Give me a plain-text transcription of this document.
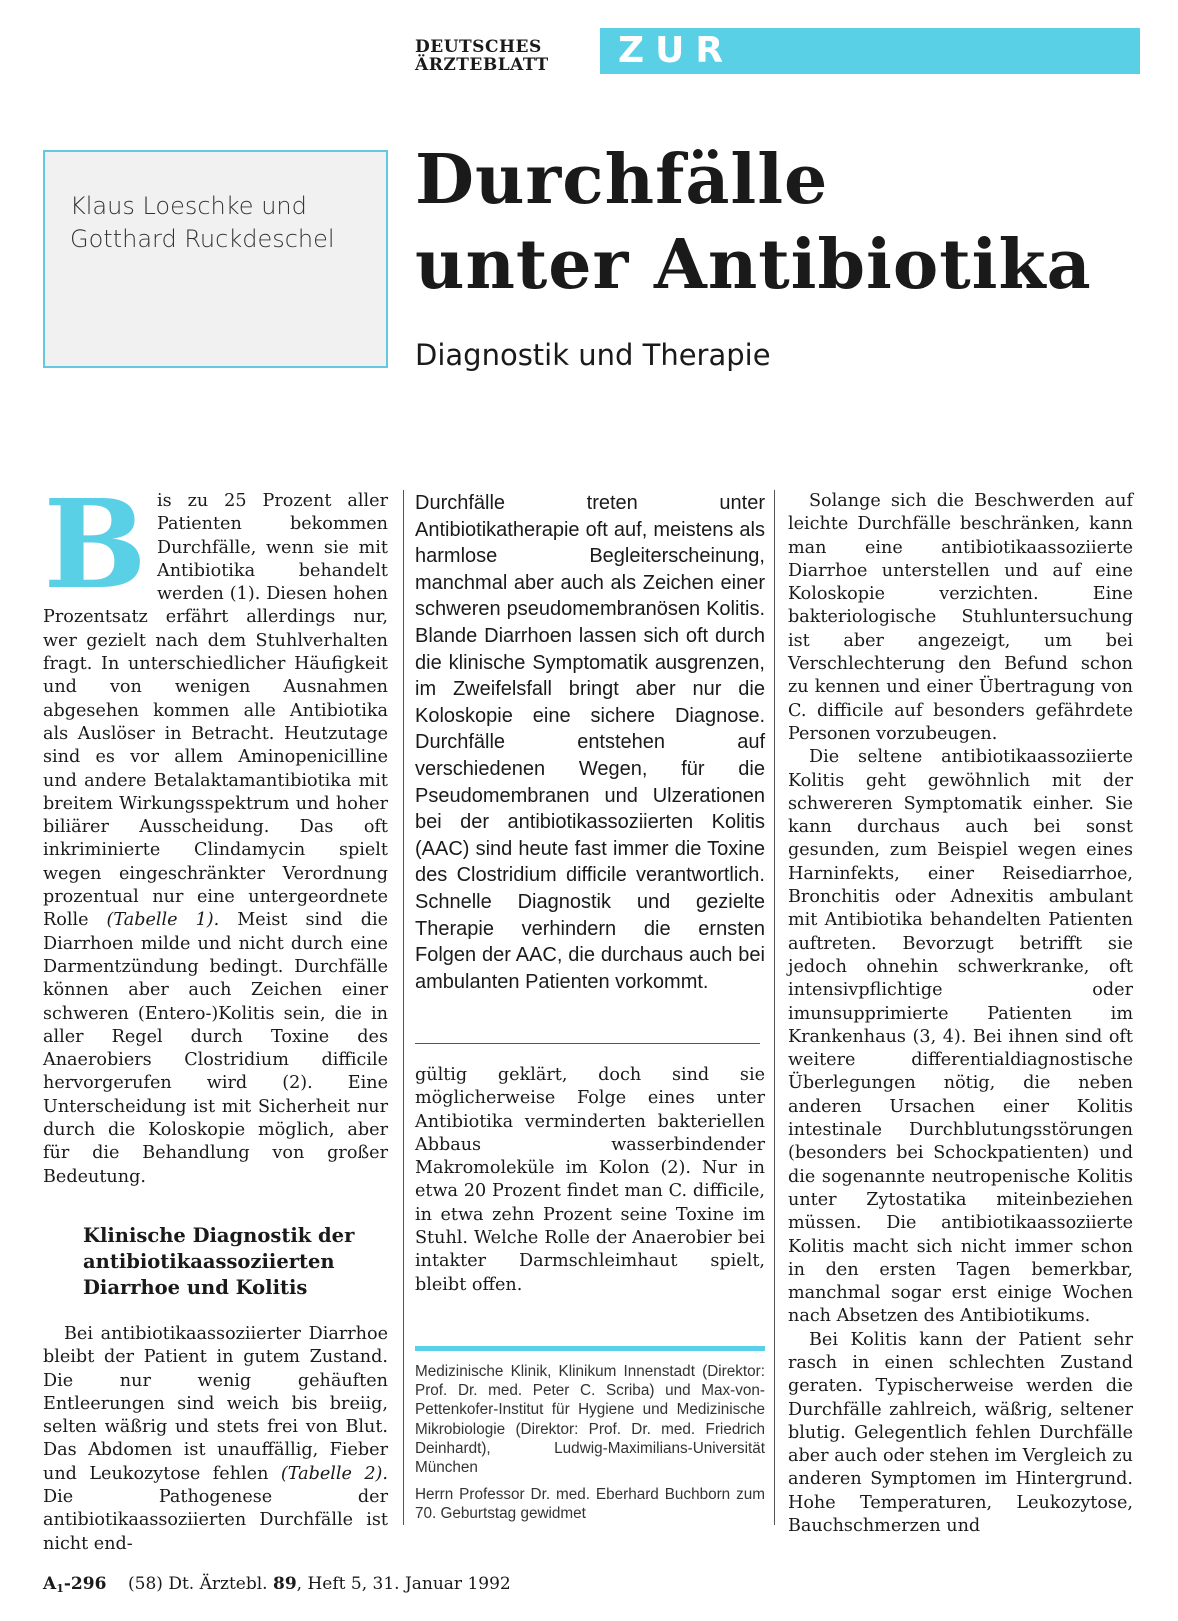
DEUTSCHES
ÄRZTEBLATT	ZUR FORTBILDUNG
Klaus Loeschke und
Gotthard Ruckdeschel
Durchfälle
unter Antibiotika
Diagnostik und Therapie

B is zu 25 Prozent aller Patienten bekommen Durchfälle, wenn sie mit Antibiotika behandelt werden (1). Diesen hohen Prozentsatz erfährt allerdings nur, wer gezielt nach dem Stuhlverhalten fragt. In unterschiedlicher Häufigkeit und von wenigen Ausnahmen abgesehen kommen alle Antibiotika als Auslöser in Betracht. Heutzutage sind es vor allem Aminopenicilline und andere Betalaktamantibiotika mit breitem Wirkungsspektrum und hoher biliärer Ausscheidung. Das oft inkriminierte Clindamycin spielt wegen eingeschränkter Verordnung prozentual nur eine untergeordnete Rolle (Tabelle 1). Meist sind die Diarrhoen milde und nicht durch eine Darmentzündung bedingt. Durchfälle können aber auch Zeichen einer schweren (Entero-)Kolitis sein, die in aller Regel durch Toxine des Anaerobiers Clostridium difficile hervorgerufen wird (2). Eine Unterscheidung ist mit Sicherheit nur durch die Koloskopie möglich, aber für die Behandlung von großer Bedeutung.

Klinische Diagnostik der antibiotikaassoziierten Diarrhoe und Kolitis

Bei antibiotikaassoziierter Diarrhoe bleibt der Patient in gutem Zustand. Die nur wenig gehäuften Entleerungen sind weich bis breiig, selten wäßrig und stets frei von Blut. Das Abdomen ist unauffällig, Fieber und Leukozytose fehlen (Tabelle 2). Die Pathogenese der antibiotikaassoziierten Durchfälle ist nicht end-

Durchfälle treten unter Antibiotikatherapie oft auf, meistens als harmlose Begleiterscheinung, manchmal aber auch als Zeichen einer schweren pseudomembranösen Kolitis. Blande Diarrhoen lassen sich oft durch die klinische Symptomatik ausgrenzen, im Zweifelsfall bringt aber nur die Koloskopie eine sichere Diagnose. Durchfälle entstehen auf verschiedenen Wegen, für die Pseudomembranen und Ulzerationen bei der antibiotikassoziierten Kolitis (AAC) sind heute fast immer die Toxine des Clostridium difficile verantwortlich. Schnelle Diagnostik und gezielte Therapie verhindern die ernsten Folgen der AAC, die durchaus auch bei ambulanten Patienten vorkommt.

gültig geklärt, doch sind sie möglicherweise Folge eines unter Antibiotika verminderten bakteriellen Abbaus wasserbindender Makromoleküle im Kolon (2). Nur in etwa 20 Prozent findet man C. difficile, in etwa zehn Prozent seine Toxine im Stuhl. Welche Rolle der Anaerobier bei intakter Darmschleimhaut spielt, bleibt offen.

Medizinische Klinik, Klinikum Innenstadt (Direktor: Prof. Dr. med. Peter C. Scriba) und Max-von-Pettenkofer-Institut für Hygiene und Medizinische Mikrobiologie (Direktor: Prof. Dr. med. Friedrich Deinhardt), Ludwig-Maximilians-Universität München

Herrn Professor Dr. med. Eberhard Buchborn zum 70. Geburtstag gewidmet

Solange sich die Beschwerden auf leichte Durchfälle beschränken, kann man eine antibiotikaassoziierte Diarrhoe unterstellen und auf eine Koloskopie verzichten. Eine bakteriologische Stuhluntersuchung ist aber angezeigt, um bei Verschlechterung den Befund schon zu kennen und einer Übertragung von C. difficile auf besonders gefährdete Personen vorzubeugen.

Die seltene antibiotikaassoziierte Kolitis geht gewöhnlich mit der schwereren Symptomatik einher. Sie kann durchaus auch bei sonst gesunden, zum Beispiel wegen eines Harninfekts, einer Reisediarrhoe, Bronchitis oder Adnexitis ambulant mit Antibiotika behandelten Patienten auftreten. Bevorzugt betrifft sie jedoch ohnehin schwerkranke, oft intensivpflichtige oder imunsupprimierte Patienten im Krankenhaus (3, 4). Bei ihnen sind oft weitere differentialdiagnostische Überlegungen nötig, die neben anderen Ursachen einer Kolitis intestinale Durchblutungsstörungen (besonders bei Schockpatienten) und die sogenannte neutropenische Kolitis unter Zytostatika miteinbeziehen müssen. Die antibiotikaassoziierte Kolitis macht sich nicht immer schon in den ersten Tagen bemerkbar, manchmal sogar erst einige Wochen nach Absetzen des Antibiotikums.

Bei Kolitis kann der Patient sehr rasch in einen schlechten Zustand geraten. Typischerweise werden die Durchfälle zahlreich, wäßrig, seltener blutig. Gelegentlich fehlen Durchfälle aber auch oder stehen im Vergleich zu anderen Symptomen im Hintergrund. Hohe Temperaturen, Leukozytose, Bauchschmerzen und

$A_1-296$ (58) Dt. Ärztebl. 89, Heft 5, 31. Januar 1992
